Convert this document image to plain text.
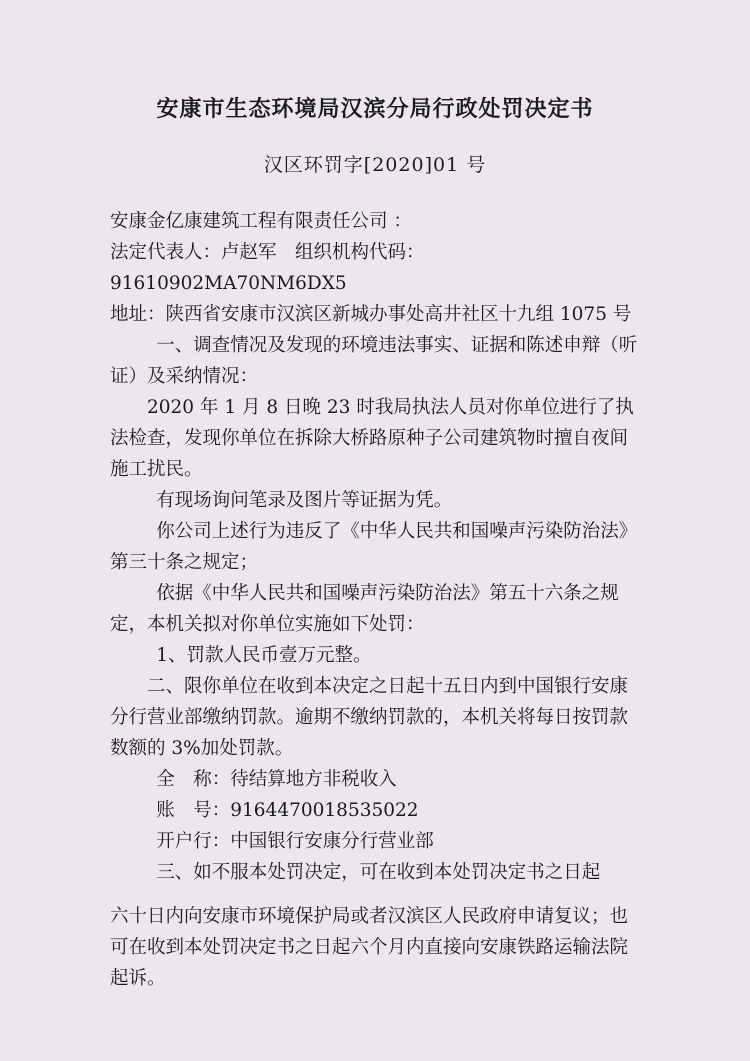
安康市生态环境局汉滨分局行政处罚决定书
汉区环罚字[2020]01 号

安康金亿康建筑工程有限责任公司 ：

法定代表人：卢赵军　组织机构代码：91610902MA70NM6DX5

地址：陕西省安康市汉滨区新城办事处高井社区十九组 1075 号

一、调查情况及发现的环境违法事实、证据和陈述申辩（听证）及采纳情况：

2020 年 1 月 8 日晚 23 时我局执法人员对你单位进行了执法检查，发现你单位在拆除大桥路原种子公司建筑物时擅自夜间施工扰民。

有现场询问笔录及图片等证据为凭。

你公司上述行为违反了《中华人民共和国噪声污染防治法》第三十条之规定；

依据《中华人民共和国噪声污染防治法》第五十六条之规定，本机关拟对你单位实施如下处罚：

1、罚款人民币壹万元整。

二、限你单位在收到本决定之日起十五日内到中国银行安康分行营业部缴纳罚款。逾期不缴纳罚款的，本机关将每日按罚款数额的 3%加处罚款。

全　称：待结算地方非税收入

账　号：9164470018535022

开户行：中国银行安康分行营业部

三、如不服本处罚决定，可在收到本处罚决定书之日起

六十日内向安康市环境保护局或者汉滨区人民政府申请复议；也可在收到本处罚决定书之日起六个月内直接向安康铁路运输法院起诉。
